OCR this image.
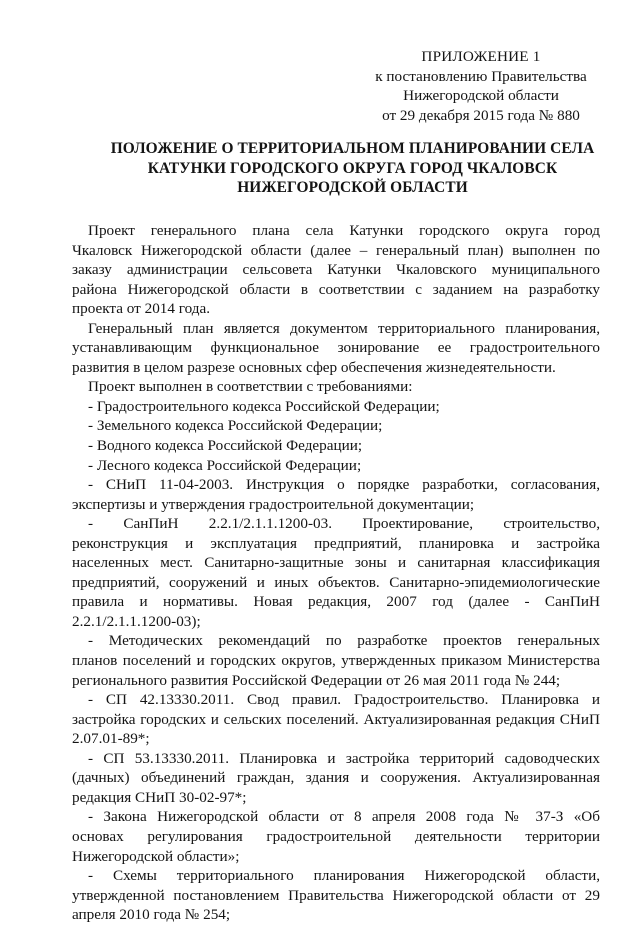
ПРИЛОЖЕНИЕ 1
к постановлению Правительства
Нижегородской области
от 29 декабря 2015 года № 880
ПОЛОЖЕНИЕ О ТЕРРИТОРИАЛЬНОМ ПЛАНИРОВАНИИ СЕЛА
КАТУНКИ ГОРОДСКОГО ОКРУГА ГОРОД ЧКАЛОВСК
НИЖЕГОРОДСКОЙ ОБЛАСТИ
Проект генерального плана села Катунки городского округа город
Чкаловск Нижегородской области (далее – генеральный план) выполнен по
заказу администрации сельсовета Катунки Чкаловского муниципального
района Нижегородской области в соответствии с заданием на разработку
проекта от 2014 года.
Генеральный план является документом территориального планирования,
устанавливающим функциональное зонирование ее градостроительного
развития в целом разрезе основных сфер обеспечения жизнедеятельности.
Проект выполнен в соответствии с требованиями:
- Градостроительного кодекса Российской Федерации;
- Земельного кодекса Российской Федерации;
- Водного кодекса Российской Федерации;
- Лесного кодекса Российской Федерации;
- СНиП 11-04-2003. Инструкция о порядке разработки, согласования,
экспертизы и утверждения градостроительной документации;
- СанПиН 2.2.1/2.1.1.1200-03. Проектирование, строительство,
реконструкция и эксплуатация предприятий, планировка и застройка
населенных мест. Санитарно-защитные зоны и санитарная классификация
предприятий, сооружений и иных объектов. Санитарно-эпидемиологические
правила и нормативы. Новая редакция, 2007 год (далее - СанПиН
2.2.1/2.1.1.1200-03);
- Методических рекомендаций по разработке проектов генеральных
планов поселений и городских округов, утвержденных приказом Министерства
регионального развития Российской Федерации от 26 мая 2011 года № 244;
- СП 42.13330.2011. Свод правил. Градостроительство. Планировка и
застройка городских и сельских поселений. Актуализированная редакция СНиП
2.07.01-89*;
- СП 53.13330.2011. Планировка и застройка территорий садоводческих
(дачных) объединений граждан, здания и сооружения. Актуализированная
редакция СНиП 30-02-97*;
- Закона Нижегородской области от 8 апреля 2008 года № 37-З «Об
основах регулирования градостроительной деятельности территории
Нижегородской области»;
- Схемы территориального планирования Нижегородской области,
утвержденной постановлением Правительства Нижегородской области от 29
апреля 2010 года № 254;
